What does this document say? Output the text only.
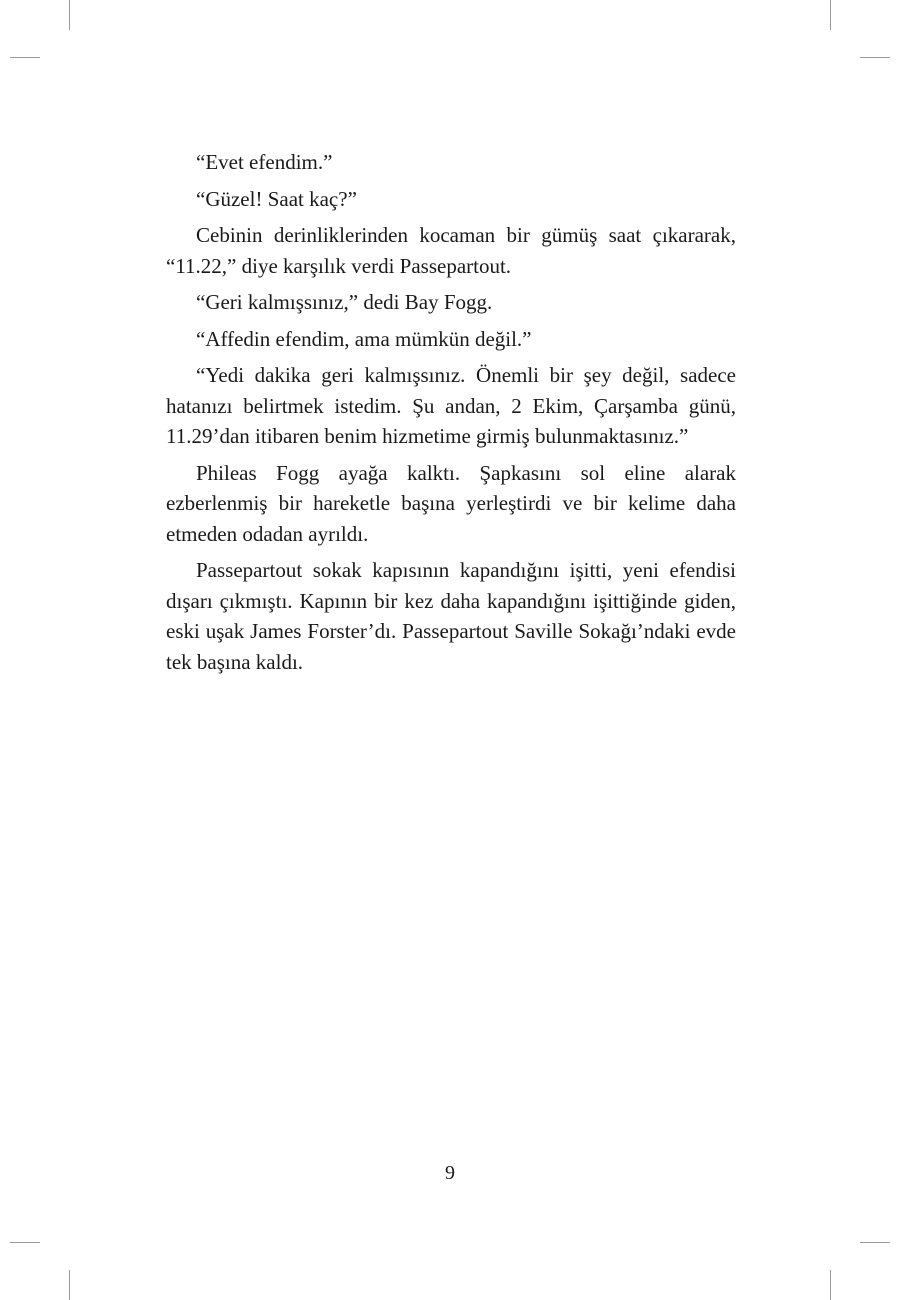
“Evet efendim.”

“Güzel! Saat kaç?”

Cebinin derinliklerinden kocaman bir gümüş saat çıkararak, “11.22,” diye karşılık verdi Passepartout.

“Geri kalmışsınız,” dedi Bay Fogg.

“Affedin efendim, ama mümkün değil.”

“Yedi dakika geri kalmışsınız. Önemli bir şey değil, sadece hatanızı belirtmek istedim. Şu andan, 2 Ekim, Çarşamba günü, 11.29’dan itibaren benim hizmetime girmiş bulunmaktasınız.”

Phileas Fogg ayağa kalktı. Şapkasını sol eline alarak ezberlenmiş bir hareketle başına yerleştirdi ve bir kelime daha etmeden odadan ayrıldı.

Passepartout sokak kapısının kapandığını işitti, yeni efendisi dışarı çıkmıştı. Kapının bir kez daha kapandığını işittiğinde giden, eski uşak James Forster’dı. Passepartout Saville Sokağı’ndaki evde tek başına kaldı.

9
